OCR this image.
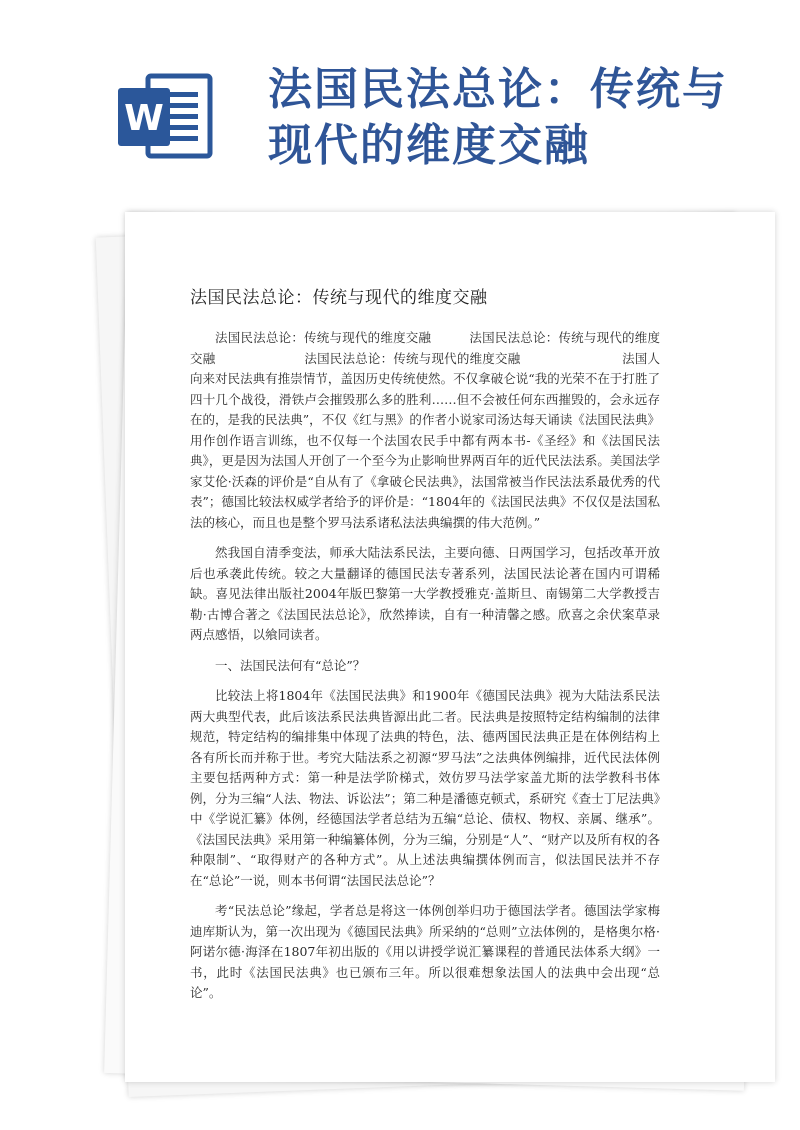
W
法国民法总论：传统与现代的维度交融
法国民法总论：传统与现代的维度交融

法国民法总论：传统与现代的维度交融　　　法国民法总论：传统与现代的维度交融　　　　　　　法国民法总论：传统与现代的维度交融　　　　　　　　法国人向来对民法典有推崇情节，盖因历史传统使然。不仅拿破仑说“我的光荣不在于打胜了四十几个战役，滑铁卢会摧毁那么多的胜利……但不会被任何东西摧毁的，会永远存在的，是我的民法典”，不仅《红与黑》的作者小说家司汤达每天诵读《法国民法典》用作创作语言训练，也不仅每一个法国农民手中都有两本书-《圣经》和《法国民法典》，更是因为法国人开创了一个至今为止影响世界两百年的近代民法法系。美国法学家艾伦·沃森的评价是“自从有了《拿破仑民法典》，法国常被当作民法法系最优秀的代表”；德国比较法权威学者给予的评价是：“1804年的《法国民法典》不仅仅是法国私法的核心，而且也是整个罗马法系诸私法法典编撰的伟大范例。”

然我国自清季变法，师承大陆法系民法，主要向德、日两国学习，包括改革开放后也承袭此传统。较之大量翻译的德国民法专著系列，法国民法论著在国内可谓稀缺。喜见法律出版社2004年版巴黎第一大学教授雅克·盖斯旦、南锡第二大学教授吉勒·古博合著之《法国民法总论》，欣然捧读，自有一种清馨之感。欣喜之余伏案草录两点感悟，以飨同读者。

一、法国民法何有“总论”？

比较法上将1804年《法国民法典》和1900年《德国民法典》视为大陆法系民法两大典型代表，此后该法系民法典皆源出此二者。民法典是按照特定结构编制的法律规范，特定结构的编排集中体现了法典的特色，法、德两国民法典正是在体例结构上各有所长而并称于世。考究大陆法系之初源“罗马法”之法典体例编排，近代民法体例主要包括两种方式：第一种是法学阶梯式，效仿罗马法学家盖尤斯的法学教科书体例，分为三编“人法、物法、诉讼法”；第二种是潘德克顿式，系研究《查士丁尼法典》中《学说汇纂》体例，经德国法学者总结为五编“总论、债权、物权、亲属、继承”。《法国民法典》采用第一种编纂体例，分为三编，分别是“人”、“财产以及所有权的各种限制”、“取得财产的各种方式”。从上述法典编撰体例而言，似法国民法并不存在“总论”一说，则本书何谓“法国民法总论”？

考“民法总论”缘起，学者总是将这一体例创举归功于德国法学者。德国法学家梅迪库斯认为，第一次出现为《德国民法典》所采纳的“总则”立法体例的，是格奥尔格·阿诺尔德·海泽在1807年初出版的《用以讲授学说汇纂课程的普通民法体系大纲》一书，此时《法国民法典》也已颁布三年。所以很难想象法国人的法典中会出现“总论”。
